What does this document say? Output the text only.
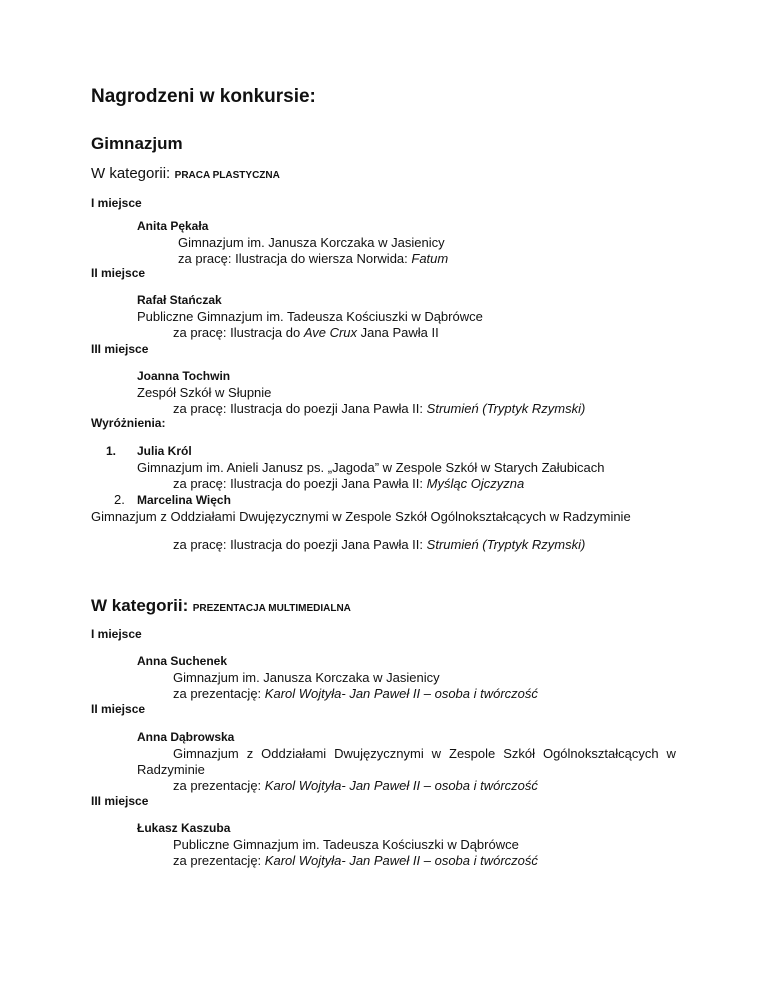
Nagrodzeni w konkursie:
Gimnazjum
W kategorii: PRACA PLASTYCZNA
I miejsce
Anita Pękała
Gimnazjum im. Janusza Korczaka w Jasienicy
za pracę: Ilustracja do wiersza Norwida: Fatum
II miejsce
Rafał Stańczak
Publiczne Gimnazjum im. Tadeusza Kościuszki w Dąbrówce
za pracę: Ilustracja do Ave Crux Jana Pawła II
III miejsce
Joanna Tochwin
Zespół Szkół w Słupnie
za pracę: Ilustracja do poezji Jana Pawła II: Strumień (Tryptyk Rzymski)
Wyróżnienia:
1. Julia Król
Gimnazjum im. Anieli Janusz ps. „Jagoda” w Zespole Szkół w Starych Załubicach
za pracę: Ilustracja do poezji Jana Pawła II: Myśląc Ojczyzna
2. Marcelina Więch
Gimnazjum z Oddziałami Dwujęzycznymi w Zespole Szkół Ogólnokształcących w Radzyminie
za pracę: Ilustracja do poezji Jana Pawła II: Strumień (Tryptyk Rzymski)
W kategorii: PREZENTACJA MULTIMEDIALNA
I miejsce
Anna Suchenek
Gimnazjum im. Janusza Korczaka w Jasienicy
za prezentację: Karol Wojtyła- Jan Paweł II – osoba i twórczość
II miejsce
Anna Dąbrowska
Gimnazjum z Oddziałami Dwujęzycznymi w Zespole Szkół Ogólnokształcących w
Radzyminie
za prezentację: Karol Wojtyła- Jan Paweł II – osoba i twórczość
III miejsce
Łukasz Kaszuba
Publiczne Gimnazjum im. Tadeusza Kościuszki w Dąbrówce
za prezentację: Karol Wojtyła- Jan Paweł II – osoba i twórczość
